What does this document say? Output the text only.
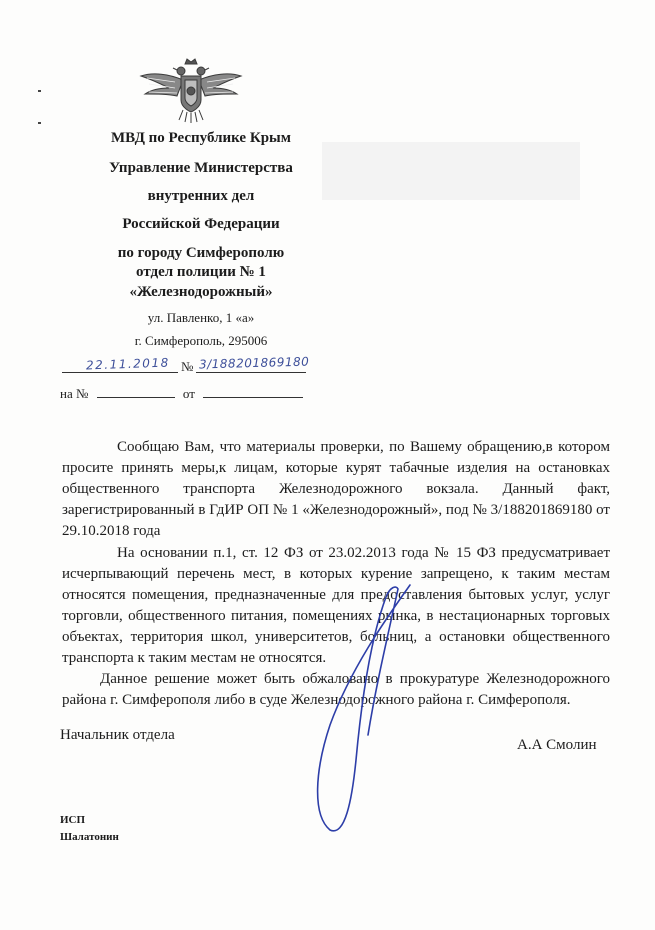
МВД по Республике Крым
Управление Министерства
внутренних дел
Российской Федерации
по городу Симферополю
отдел полиции № 1
«Железнодорожный»
ул. Павленко, 1 «а»
г. Симферополь, 295006
22.11.2018 № 3/188201869180
на №	от

Сообщаю Вам, что материалы проверки, по Вашему обращению,в котором просите принять меры,к лицам, которые курят табачные изделия на остановках общественного транспорта Железнодорожного вокзала. Данный факт, зарегистрированный в ГдИР ОП № 1 «Железнодорожный», под № 3/188201869180 от 29.10.2018 года

На основании п.1, ст. 12 ФЗ от 23.02.2013 года № 15 ФЗ предусматривает исчерпывающий перечень мест, в которых курение запрещено, к таким местам относятся помещения, предназначенные для предоставления бытовых услуг, услуг торговли, общественного питания, помещениях рынка, в нестационарных торговых объектах, территория школ, университетов, больниц, а остановки общественного транспорта к таким местам не относятся.

Данное решение может быть обжаловано в прокуратуре Железнодорожного района г. Симферополя либо в суде Железнодорожного района г. Симферополя.

Начальник отдела
А.А Смолин
ИСП
Шалатонин
